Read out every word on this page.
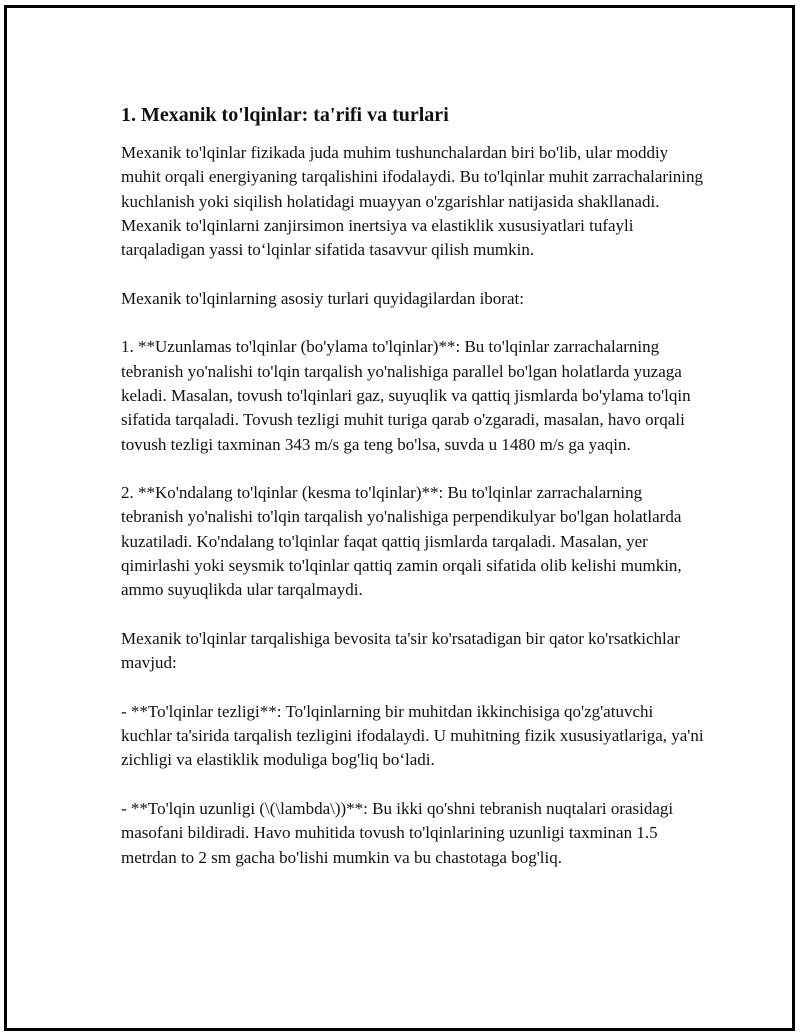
1. Mexanik to'lqinlar: ta'rifi va turlari

Mexanik to'lqinlar fizikada juda muhim tushunchalardan biri bo'lib, ular moddiy muhit orqali energiyaning tarqalishini ifodalaydi. Bu to'lqinlar muhit zarrachalarining kuchlanish yoki siqilish holatidagi muayyan o'zgarishlar natijasida shakllanadi. Mexanik to'lqinlarni zanjirsimon inertsiya va elastiklik xususiyatlari tufayli tarqaladigan yassi to‘lqinlar sifatida tasavvur qilish mumkin.

Mexanik to'lqinlarning asosiy turlari quyidagilardan iborat:

1. **Uzunlamas to'lqinlar (bo'ylama to'lqinlar)**: Bu to'lqinlar zarrachalarning tebranish yo'nalishi to'lqin tarqalish yo'nalishiga parallel bo'lgan holatlarda yuzaga keladi. Masalan, tovush to'lqinlari gaz, suyuqlik va qattiq jismlarda bo'ylama to'lqin sifatida tarqaladi. Tovush tezligi muhit turiga qarab o'zgaradi, masalan, havo orqali tovush tezligi taxminan 343 m/s ga teng bo'lsa, suvda u 1480 m/s ga yaqin.

2. **Ko'ndalang to'lqinlar (kesma to'lqinlar)**: Bu to'lqinlar zarrachalarning tebranish yo'nalishi to'lqin tarqalish yo'nalishiga perpendikulyar bo'lgan holatlarda kuzatiladi. Ko'ndalang to'lqinlar faqat qattiq jismlarda tarqaladi. Masalan, yer qimirlashi yoki seysmik to'lqinlar qattiq zamin orqali sifatida olib kelishi mumkin, ammo suyuqlikda ular tarqalmaydi.

Mexanik to'lqinlar tarqalishiga bevosita ta'sir ko'rsatadigan bir qator ko'rsatkichlar mavjud:

- **To'lqinlar tezligi**: To'lqinlarning bir muhitdan ikkinchisiga qo'zg'atuvchi kuchlar ta'sirida tarqalish tezligini ifodalaydi. U muhitning fizik xususiyatlariga, ya'ni zichligi va elastiklik moduliga bog'liq bo‘ladi.

- **To'lqin uzunligi (\(\lambda\))**: Bu ikki qo'shni tebranish nuqtalari orasidagi masofani bildiradi. Havo muhitida tovush to'lqinlarining uzunligi taxminan 1.5 metrdan to 2 sm gacha bo'lishi mumkin va bu chastotaga bog'liq.
